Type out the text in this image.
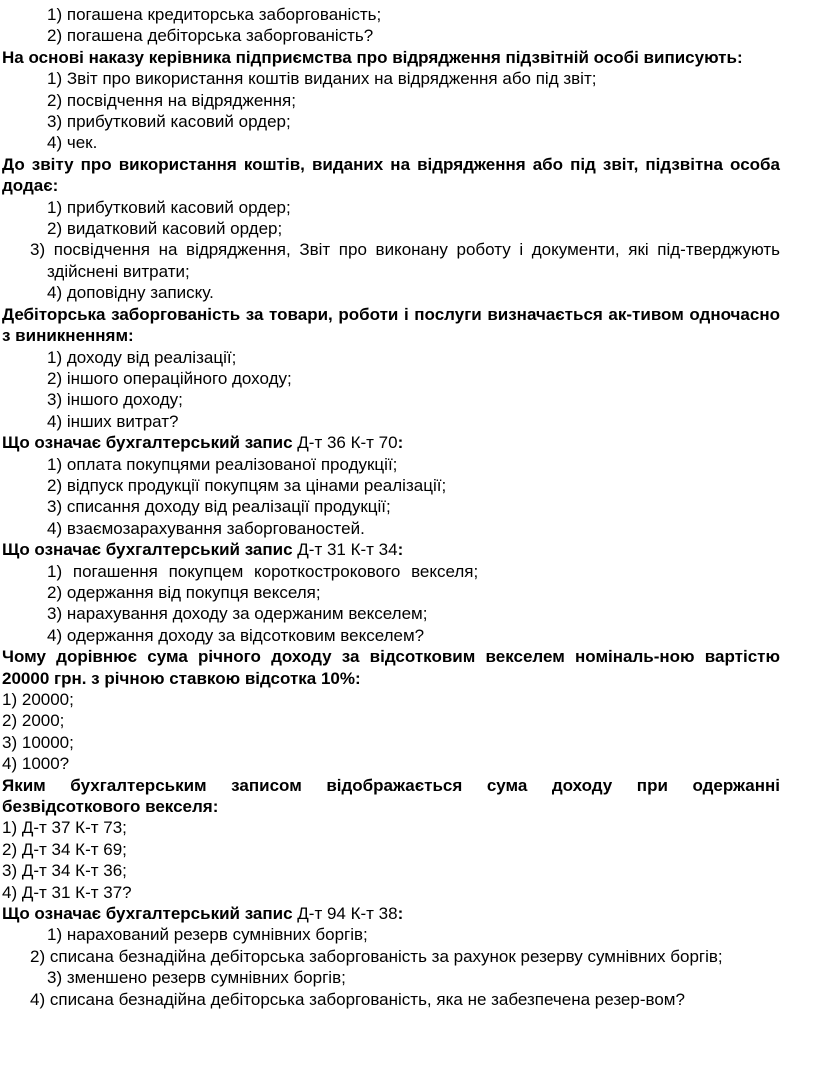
1) погашена кредиторська заборгованість;
2) погашена дебіторська заборгованість?
На основі наказу керівника підприємства про відрядження підзвітній особі виписують:
1) Звіт про використання коштів виданих на відрядження або під звіт;
2) посвідчення на відрядження;
3) прибутковий касовий ордер;
4) чек.
До звіту про використання коштів, виданих на відрядження або під звіт, підзвітна особа додає:
1) прибутковий касовий ордер;
2) видатковий касовий ордер;
3) посвідчення на відрядження, Звіт про виконану роботу і документи, які під-тверджують здійснені витрати;
4) доповідну записку.
Дебіторська заборгованість за товари, роботи і послуги визначається ак-тивом одночасно з виникненням:
1) доходу від реалізації;
2) іншого операційного доходу;
3) іншого доходу;
4) інших витрат?
Що означає бухгалтерський запис Д-т 36 К-т 70:
1) оплата покупцями реалізованої продукції;
2) відпуск продукції покупцям за цінами реалізації;
3) списання доходу від реалізації продукції;
4) взаємозарахування заборгованостей.
Що означає бухгалтерський запис Д-т 31 К-т 34:
1) погашення покупцем короткострокового векселя;
2) одержання від покупця векселя;
3) нарахування доходу за одержаним векселем;
4) одержання доходу за відсотковим векселем?
Чому дорівнює сума річного доходу за відсотковим векселем номіналь-ною вартістю 20000 грн. з річною ставкою відсотка 10%:
1) 20000;
2) 2000;
3) 10000;
4) 1000?
Яким бухгалтерським записом відображається сума доходу при одержанні безвідсоткового векселя:
1) Д-т 37 К-т 73;
2) Д-т 34 К-т 69;
3) Д-т 34 К-т 36;
4) Д-т 31 К-т 37?
Що означає бухгалтерський запис Д-т 94 К-т 38:
1) нарахований резерв сумнівних боргів;
2) списана безнадійна дебіторська заборгованість за рахунок резерву сумнівних боргів;
3) зменшено резерв сумнівних боргів;
4) списана безнадійна дебіторська заборгованість, яка не забезпечена резер-вом?
